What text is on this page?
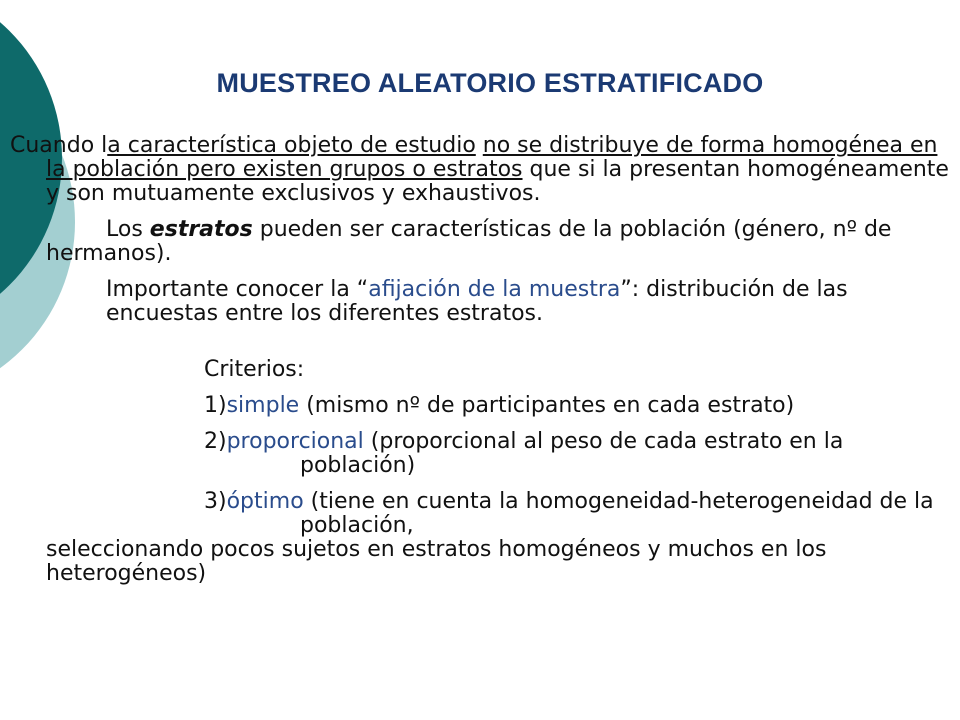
MUESTREO ALEATORIO ESTRATIFICADO

Cuando la característica objeto de estudio no se distribuye de forma homogénea en la población pero existen grupos o estratos que si la presentan homogéneamente y son mutuamente exclusivos y exhaustivos.

Los estratos pueden ser características de la población (género, nº de hermanos).

Importante conocer la “afijación de la muestra”: distribución de las encuestas entre los diferentes estratos.

Criterios:

1)simple (mismo nº de participantes en cada estrato)

2)proporcional (proporcional al peso de cada estrato en la población)

3)óptimo (tiene en cuenta la homogeneidad-heterogeneidad de la población,

seleccionando pocos sujetos en estratos homogéneos y muchos en los heterogéneos)
